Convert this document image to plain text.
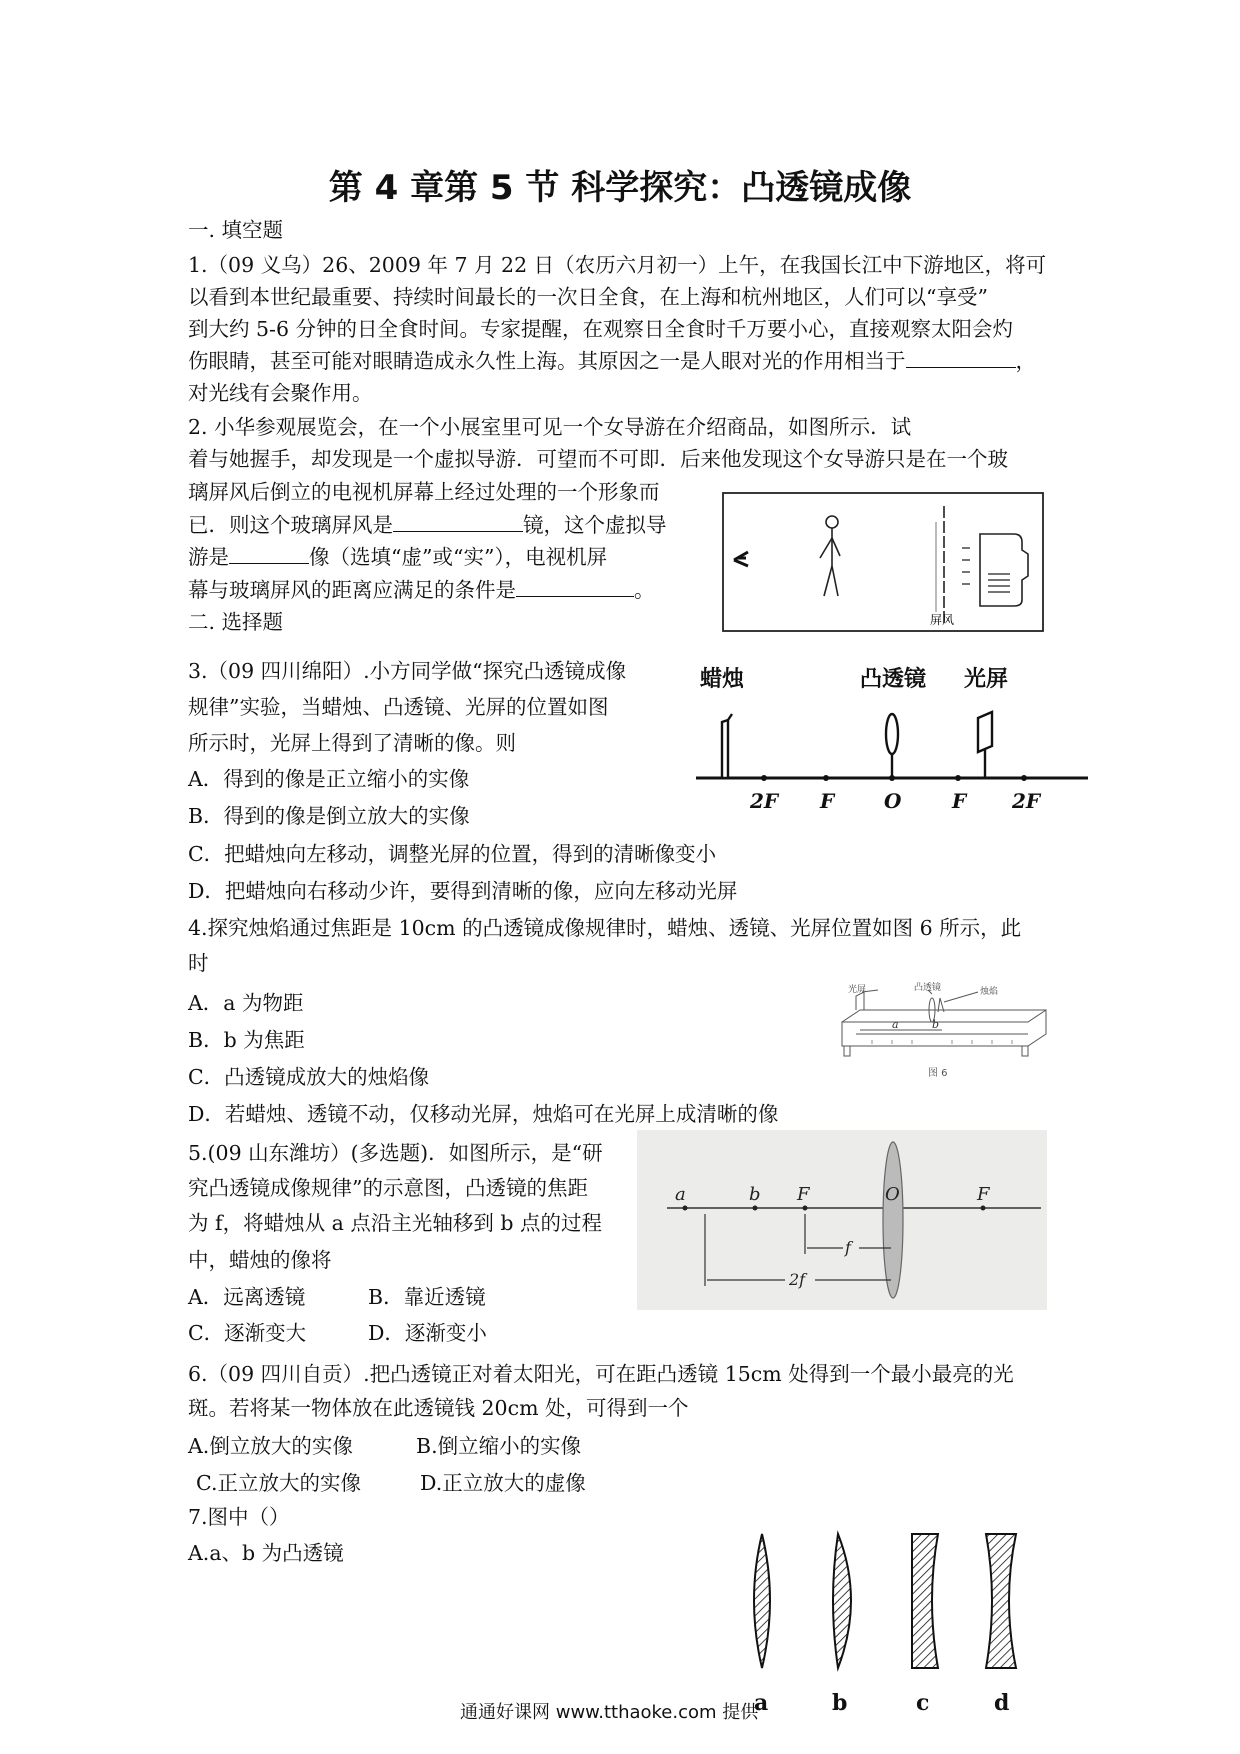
第 4 章第 5 节 科学探究：凸透镜成像
一. 填空题
1.（09 义乌）26、2009 年 7 月 22 日（农历六月初一）上午，在我国长江中下游地区，将可
以看到本世纪最重要、持续时间最长的一次日全食，在上海和杭州地区，人们可以“享受”
到大约 5-6 分钟的日全食时间。专家提醒，在观察日全食时千万要小心，直接观察太阳会灼
伤眼睛，甚至可能对眼睛造成永久性上海。其原因之一是人眼对光的作用相当于	，
对光线有会聚作用。
2. 小华参观展览会，在一个小展室里可见一个女导游在介绍商品，如图所示．试
着与她握手，却发现是一个虚拟导游．可望而不可即．后来他发现这个女导游只是在一个玻
璃屏风后倒立的电视机屏幕上经过处理的一个形象而
已．则这个玻璃屏风是	镜，这个虚拟导
游是	像（选填“虚”或“实”），电视机屏
幕与玻璃屏风的距离应满足的条件是	。
屏风
二. 选择题
3.（09 四川绵阳）.小方同学做“探究凸透镜成像
规律”实验，当蜡烛、凸透镜、光屏的位置如图
所示时，光屏上得到了清晰的像。则
A．得到的像是正立缩小的实像
B．得到的像是倒立放大的实像
C．把蜡烛向左移动，调整光屏的位置，得到的清晰像变小
D．把蜡烛向右移动少许，要得到清晰的像，应向左移动光屏
蜡烛	凸透镜 光屏
2F F O	F 2F
4.探究烛焰通过焦距是 10cm 的凸透镜成像规律时，蜡烛、透镜、光屏位置如图 6 所示，此
时
A．a 为物距
B．b 为焦距
C．凸透镜成放大的烛焰像
D．若蜡烛、透镜不动，仅移动光屏，烛焰可在光屏上成清晰的像
光屏	凸透镜	烛焰
a	b
图 6
5.(09 山东潍坊）(多选题)．如图所示，是“研
究凸透镜成像规律”的示意图，凸透镜的焦距
为 f，将蜡烛从 a 点沿主光轴移到 b 点的过程
中，蜡烛的像将
A．远离透镜	B．靠近透镜
C．逐渐变大	D．逐渐变小
a	b F	O	F
f
2f
6.（09 四川自贡）.把凸透镜正对着太阳光，可在距凸透镜 15cm 处得到一个最小最亮的光
斑。若将某一物体放在此透镜钱 20cm 处，可得到一个
A.倒立放大的实像	B.倒立缩小的实像
C.正立放大的实像	D.正立放大的虚像
7.图中（）
A.a、b 为凸透镜
a	b	c	d
通通好课网 www.tthaoke.com 提供
